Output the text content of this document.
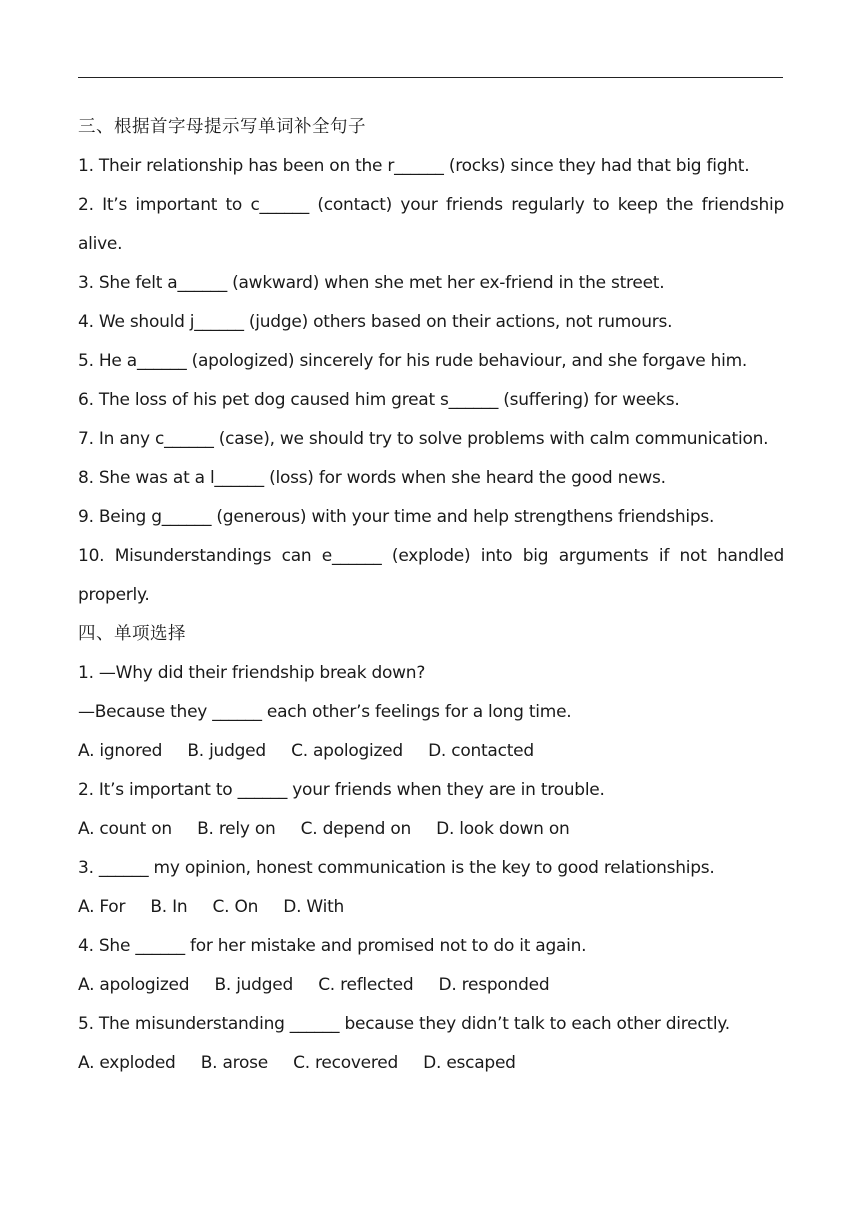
三、根据首字母提示写单词补全句子
1. Their relationship has been on the r______ (rocks) since they had that big fight.
2. It’s important to c______ (contact) your friends regularly to keep the friendship
alive.
3. She felt a______ (awkward) when she met her ex-friend in the street.
4. We should j______ (judge) others based on their actions, not rumours.
5. He a______ (apologized) sincerely for his rude behaviour, and she forgave him.
6. The loss of his pet dog caused him great s______ (suffering) for weeks.
7. In any c______ (case), we should try to solve problems with calm communication.
8. She was at a l______ (loss) for words when she heard the good news.
9. Being g______ (generous) with your time and help strengthens friendships.
10. Misunderstandings can e______ (explode) into big arguments if not handled
properly.
四、单项选择
1. —Why did their friendship break down?
—Because they ______ each other’s feelings for a long time.
A. ignored B. judged C. apologized D. contacted
2. It’s important to ______ your friends when they are in trouble.
A. count on B. rely on C. depend on D. look down on
3. ______ my opinion, honest communication is the key to good relationships.
A. For B. In C. On D. With
4. She ______ for her mistake and promised not to do it again.
A. apologized B. judged C. reflected D. responded
5. The misunderstanding ______ because they didn’t talk to each other directly.
A. exploded B. arose C. recovered D. escaped
